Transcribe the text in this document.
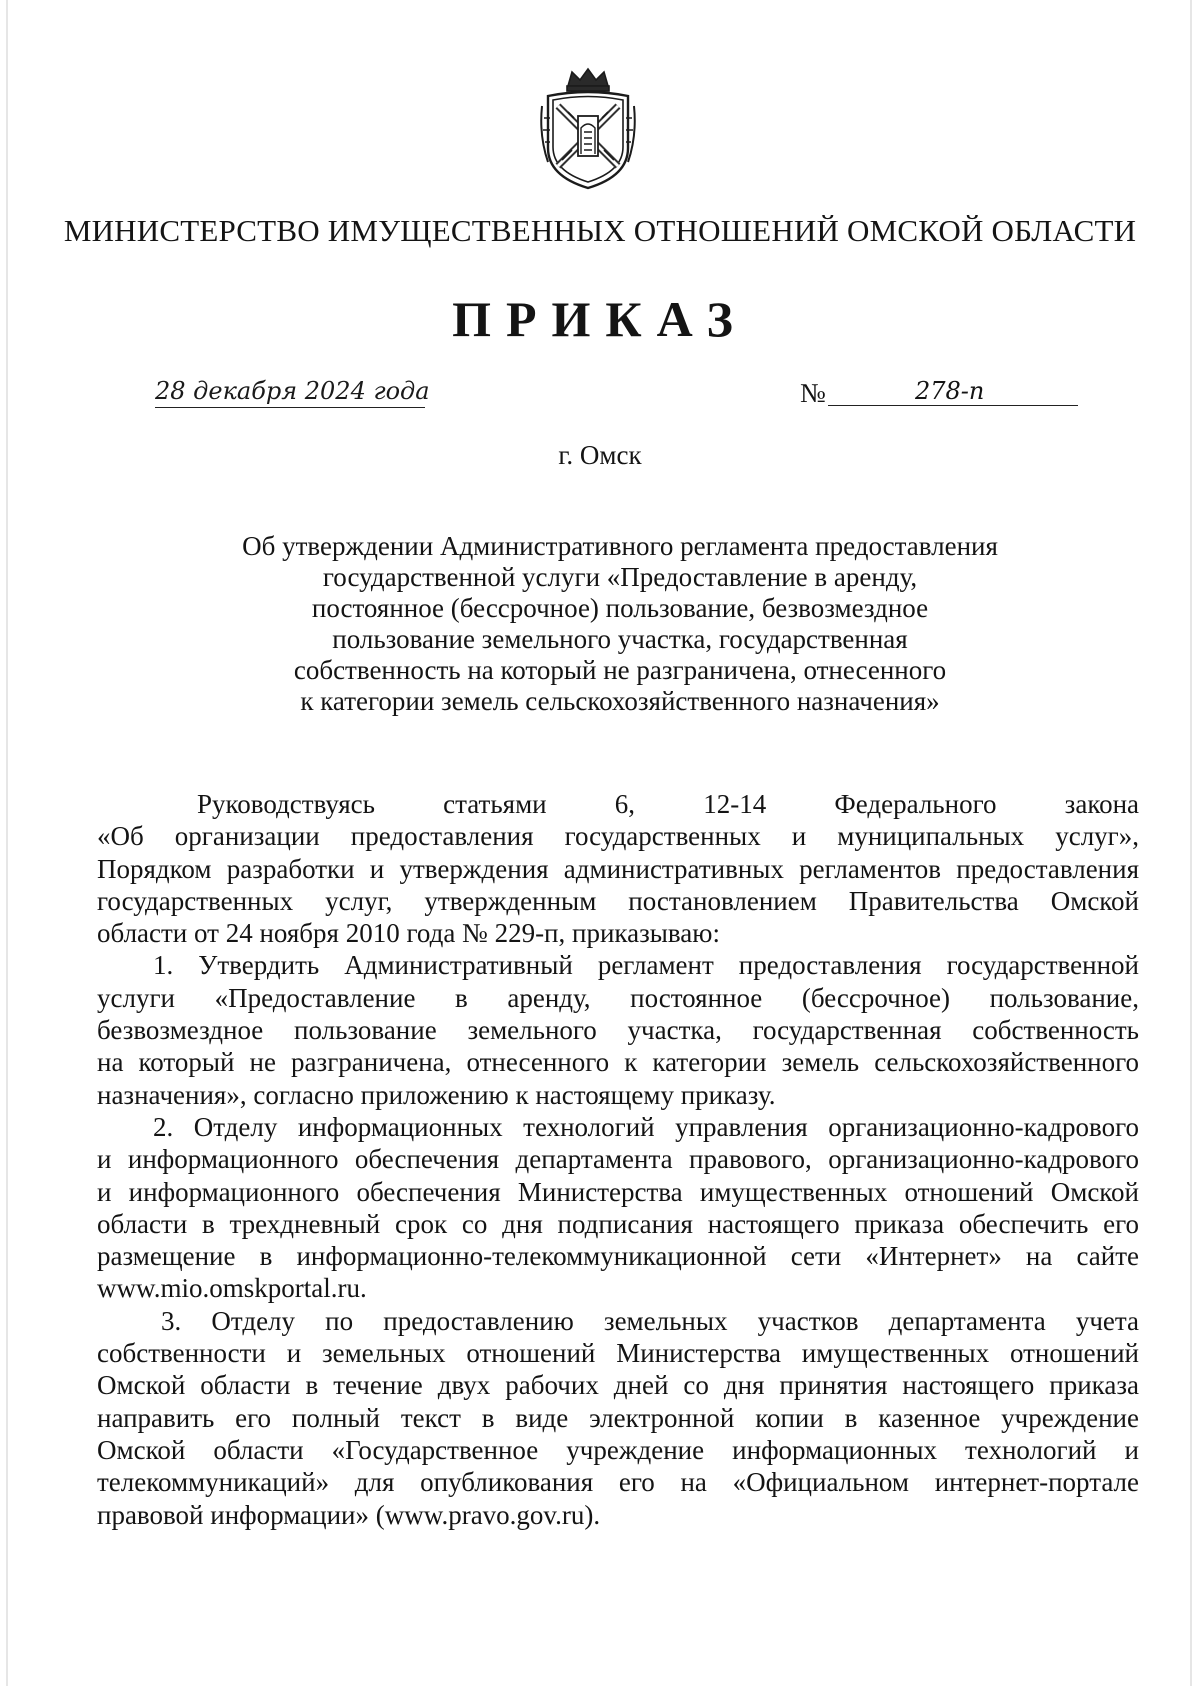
МИНИСТЕРСТВО ИМУЩЕСТВЕННЫХ ОТНОШЕНИЙ ОМСКОЙ ОБЛАСТИ
ПРИКАЗ
28 декабря 2024 года	№	278-п
г. Омск
Об утверждении Административного регламента предоставления
государственной услуги «Предоставление в аренду,
постоянное (бессрочное) пользование, безвозмездное
пользование земельного участка, государственная
собственность на который не разграничена, отнесенного
к категории земель сельскохозяйственного назначения»
Руководствуясь статьями 6, 12-14 Федерального закона
«Об организации предоставления государственных и муниципальных услуг»,
Порядком разработки и утверждения административных регламентов предоставления
государственных услуг, утвержденным постановлением Правительства Омской
области от 24 ноября 2010 года № 229-п, приказываю:
1. Утвердить Административный регламент предоставления государственной
услуги «Предоставление в аренду, постоянное (бессрочное) пользование,
безвозмездное пользование земельного участка, государственная собственность
на который не разграничена, отнесенного к категории земель сельскохозяйственного
назначения», согласно приложению к настоящему приказу.
2. Отделу информационных технологий управления организационно-кадрового
и информационного обеспечения департамента правового, организационно-кадрового
и информационного обеспечения Министерства имущественных отношений Омской
области в трехдневный срок со дня подписания настоящего приказа обеспечить его
размещение в информационно-телекоммуникационной сети «Интернет» на сайте
www.mio.omskportal.ru.
3. Отделу по предоставлению земельных участков департамента учета
собственности и земельных отношений Министерства имущественных отношений
Омской области в течение двух рабочих дней со дня принятия настоящего приказа
направить его полный текст в виде электронной копии в казенное учреждение
Омской области «Государственное учреждение информационных технологий и
телекоммуникаций» для опубликования его на «Официальном интернет-портале
правовой информации» (www.pravo.gov.ru).
